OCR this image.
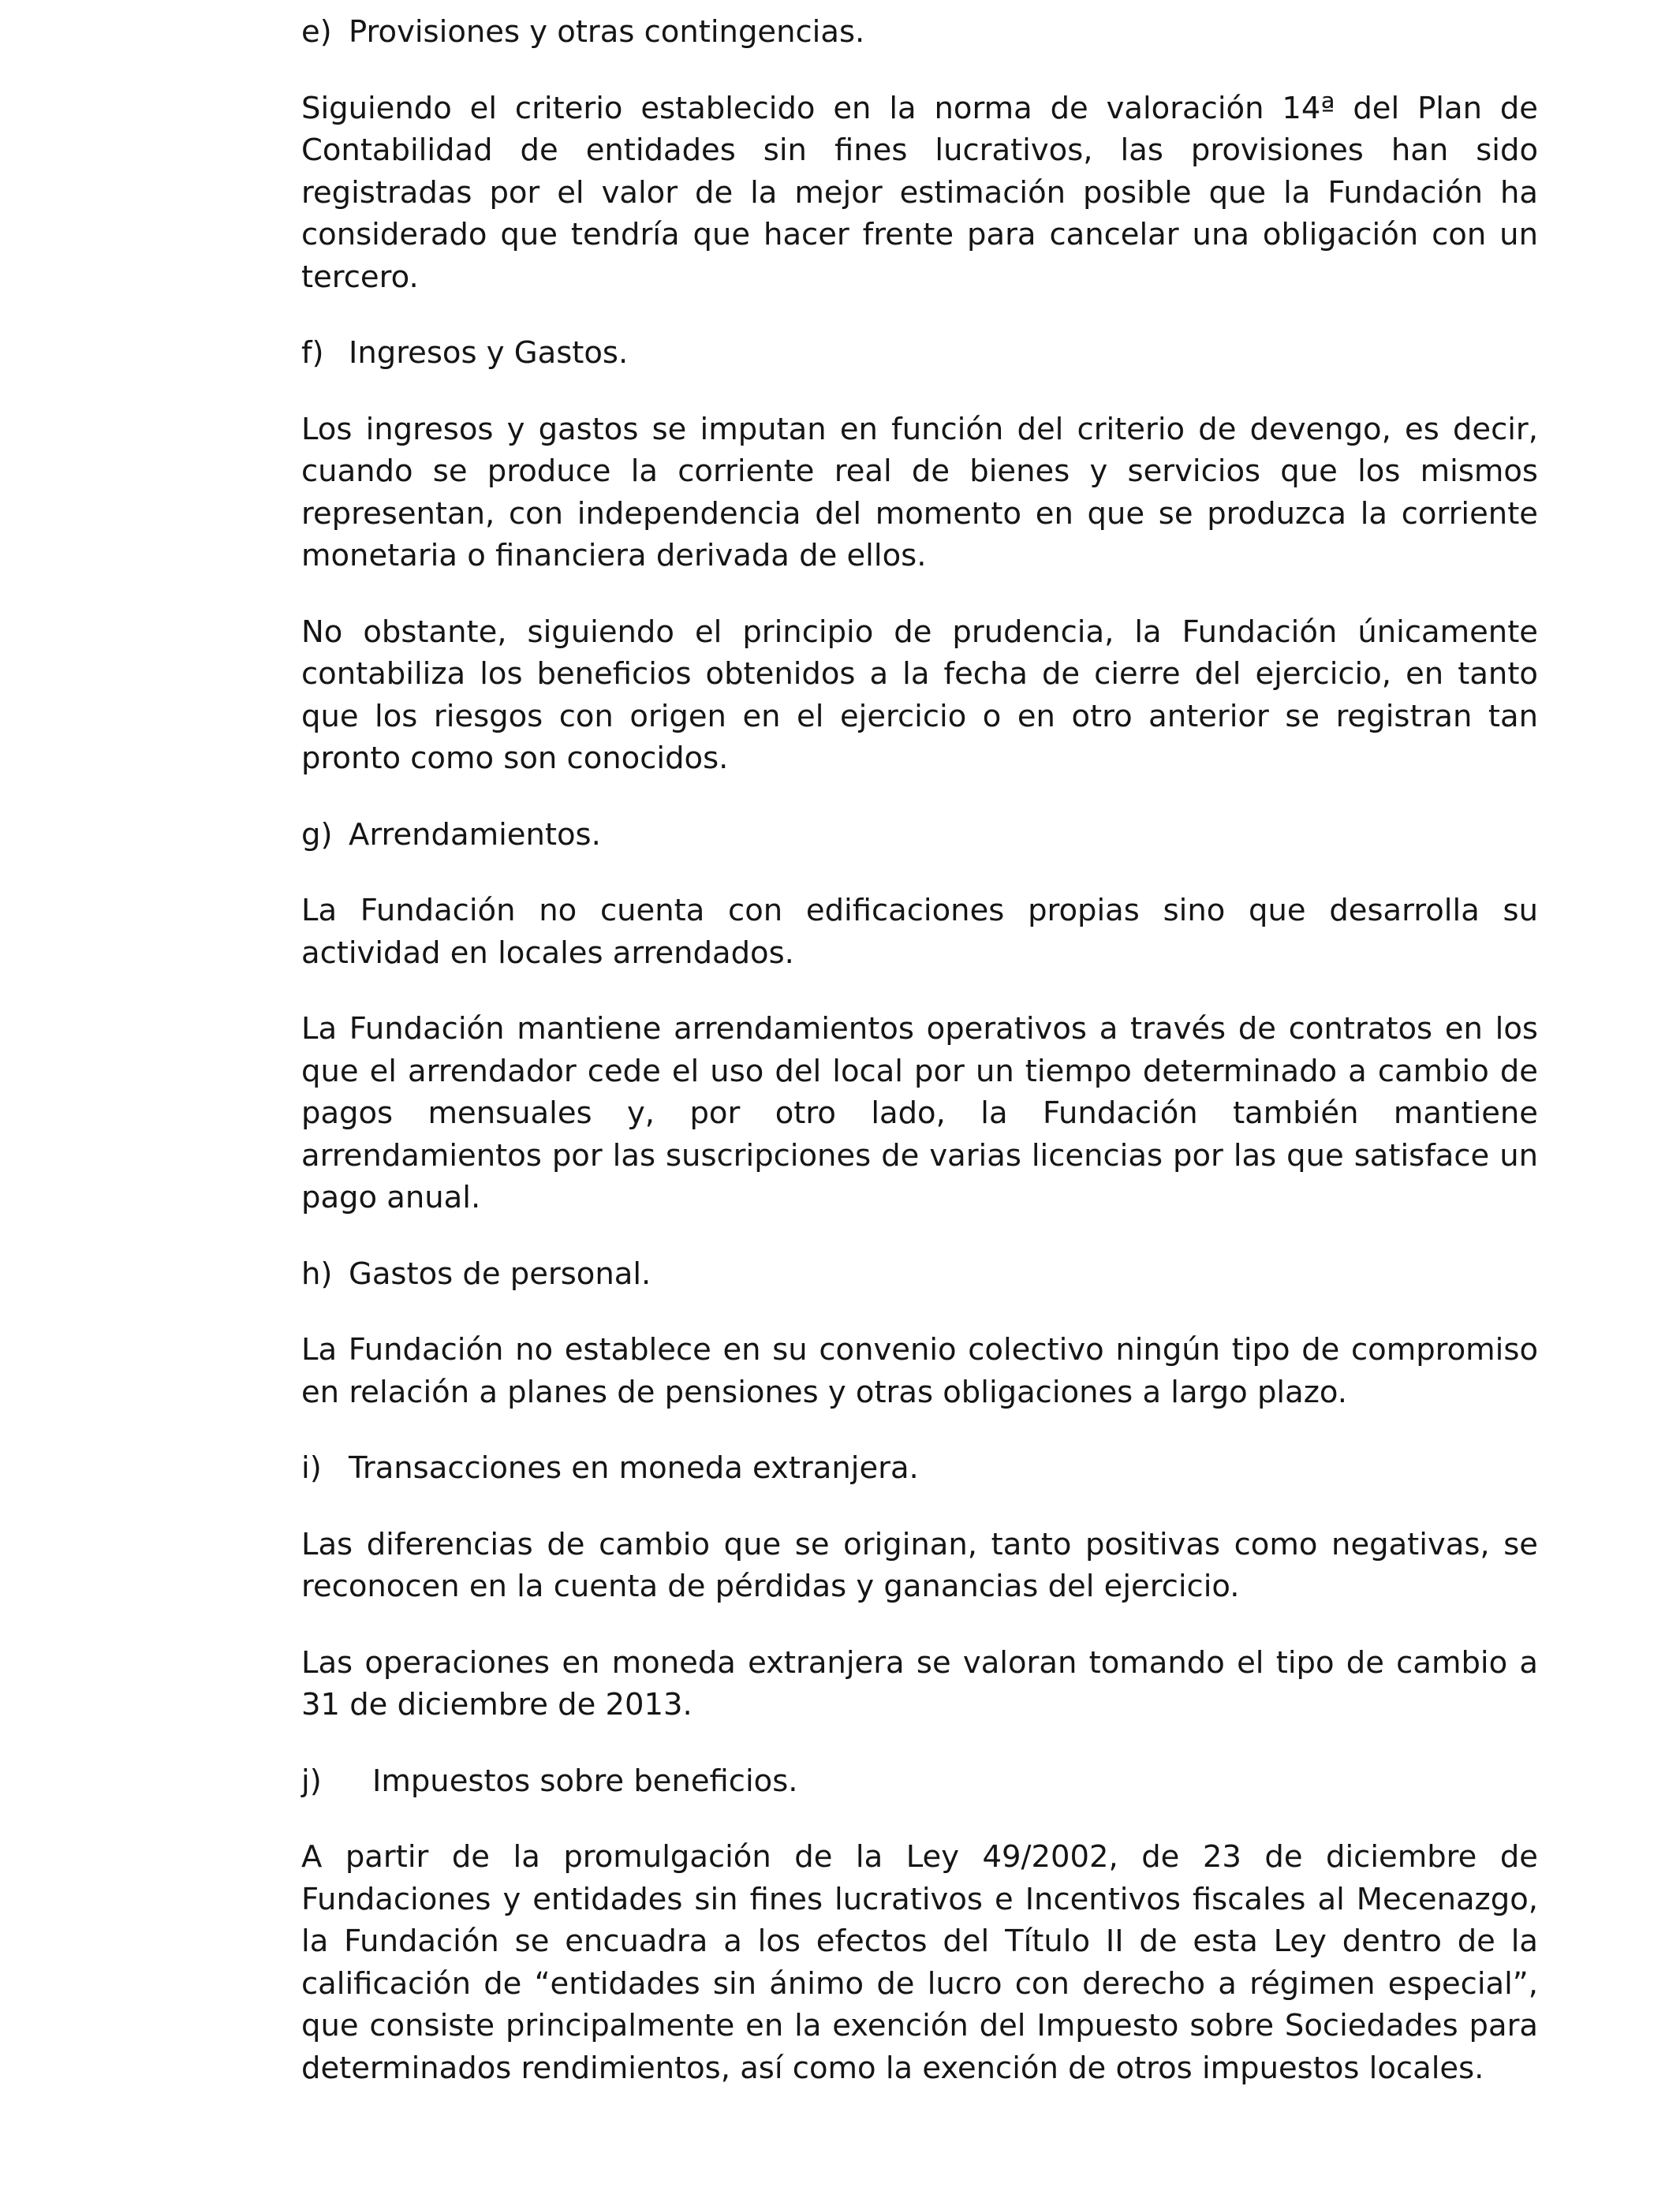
e) Provisiones y otras contingencias.

Siguiendo el criterio establecido en la norma de valoración 14ª del Plan de Contabilidad de entidades sin fines lucrativos, las provisiones han sido registradas por el valor de la mejor estimación posible que la Fundación ha considerado que tendría que hacer frente para cancelar una obligación con un tercero.

f) Ingresos y Gastos.

Los ingresos y gastos se imputan en función del criterio de devengo, es decir, cuando se produce la corriente real de bienes y servicios que los mismos representan, con independencia del momento en que se produzca la corriente monetaria o financiera derivada de ellos.

No obstante, siguiendo el principio de prudencia, la Fundación únicamente contabiliza los beneficios obtenidos a la fecha de cierre del ejercicio, en tanto que los riesgos con origen en el ejercicio o en otro anterior se registran tan pronto como son conocidos.

g) Arrendamientos.

La Fundación no cuenta con edificaciones propias sino que desarrolla su actividad en locales arrendados.

La Fundación mantiene arrendamientos operativos a través de contratos en los que el arrendador cede el uso del local por un tiempo determinado a cambio de pagos mensuales y, por otro lado, la Fundación también mantiene arrendamientos por las suscripciones de varias licencias por las que satisface un pago anual.

h) Gastos de personal.

La Fundación no establece en su convenio colectivo ningún tipo de compromiso en relación a planes de pensiones y otras obligaciones a largo plazo.

i) Transacciones en moneda extranjera.

Las diferencias de cambio que se originan, tanto positivas como negativas, se reconocen en la cuenta de pérdidas y ganancias del ejercicio.

Las operaciones en moneda extranjera se valoran tomando el tipo de cambio a 31 de diciembre de 2013.

j)	Impuestos sobre beneficios.

A partir de la promulgación de la Ley 49/2002, de 23 de diciembre de Fundaciones y entidades sin fines lucrativos e Incentivos fiscales al Mecenazgo, la Fundación se encuadra a los efectos del Título II de esta Ley dentro de la calificación de “entidades sin ánimo de lucro con derecho a régimen especial”, que consiste principalmente en la exención del Impuesto sobre Sociedades para determinados rendimientos, así como la exención de otros impuestos locales.
